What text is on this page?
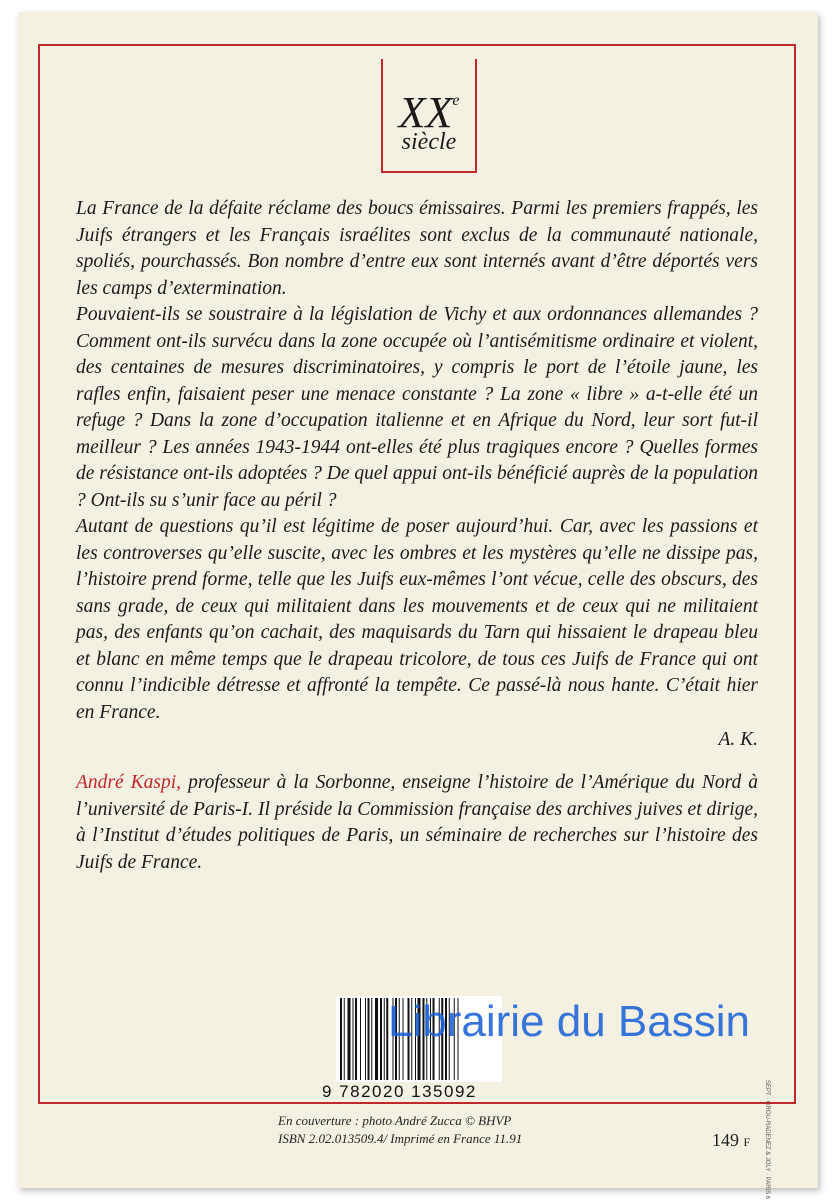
XXe
siècle

La France de la défaite réclame des boucs émissaires. Parmi les premiers frappés, les Juifs étrangers et les Français israélites sont exclus de la communauté nationale, spoliés, pourchassés. Bon nombre d’entre eux sont internés avant d’être déportés vers les camps d’extermination.

Pouvaient-ils se soustraire à la législation de Vichy et aux ordonnances allemandes ? Comment ont-ils survécu dans la zone occupée où l’antisémitisme ordinaire et violent, des centaines de mesures discriminatoires, y compris le port de l’étoile jaune, les rafles enfin, faisaient peser une menace constante ? La zone « libre » a-t-elle été un refuge ? Dans la zone d’occupation italienne et en Afrique du Nord, leur sort fut-il meilleur ? Les années 1943-1944 ont-elles été plus tragiques encore ? Quelles formes de résistance ont-ils adoptées ? De quel appui ont-ils bénéficié auprès de la population ? Ont-ils su s’unir face au péril ?

Autant de questions qu’il est légitime de poser aujourd’hui. Car, avec les passions et les controverses qu’elle suscite, avec les ombres et les mystères qu’elle ne dissipe pas, l’histoire prend forme, telle que les Juifs eux-mêmes l’ont vécue, celle des obscurs, des sans grade, de ceux qui militaient dans les mouvements et de ceux qui ne militaient pas, des enfants qu’on cachait, des maquisards du Tarn qui hissaient le drapeau bleu et blanc en même temps que le drapeau tricolore, de tous ces Juifs de France qui ont connu l’indicible détresse et affronté la tempête. Ce passé-là nous hante. C’était hier en France.

A. K.
André Kaspi, professeur à la Sorbonne, enseigne l’histoire de l’Amérique du Nord à l’université de Paris-I. Il préside la Commission française des archives juives et dirige, à l’Institut d’études politiques de Paris, un séminaire de recherches sur l’histoire des Juifs de France.
9 782020 135092
Librairie du Bassin
En couverture : photo André Zucca © BHVP
ISBN 2.02.013509.4/ Imprimé en France 11.91	149 F SEPT · GROU-RADENEZ & JOLY · PARIS 6
